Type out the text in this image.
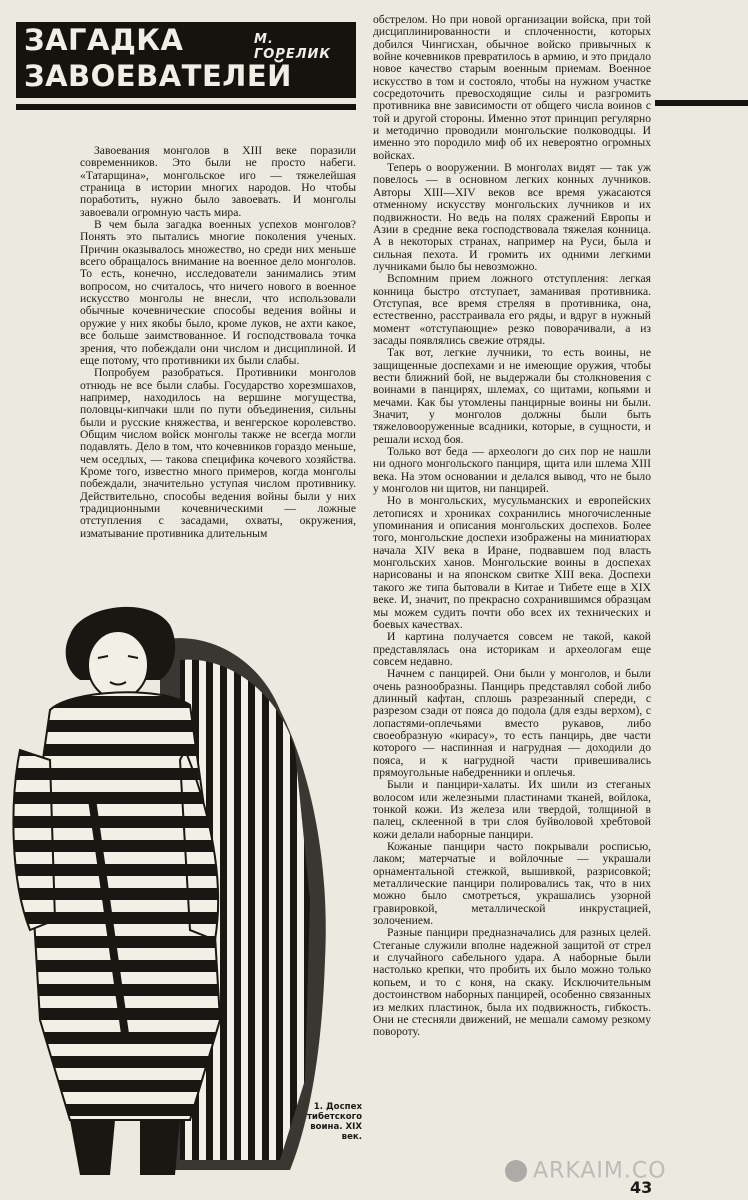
ЗАГАДКА
ЗАВОЕВАТЕЛЕЙ
М. ГОРЕЛИК

Завоевания монголов в XIII веке поразили современников. Это были не просто набеги. «Татарщина», монгольское иго — тяжелейшая страница в истории многих народов. Но чтобы поработить, нужно было завоевать. И монголы завоевали огромную часть мира.

В чем была загадка военных успехов монголов? Понять это пытались многие поколения ученых. Причин оказывалось множество, но среди них меньше всего обращалось внимание на военное дело монголов. То есть, конечно, исследователи занимались этим вопросом, но считалось, что ничего нового в военное искусство монголы не внесли, что использовали обычные кочевнические способы ведения войны и оружие у них якобы было, кроме луков, не ахти какое, все больше заимствованное. И господствовала точка зрения, что побеждали они числом и дисциплиной. И еще потому, что противники их были слабы.

Попробуем разобраться. Противники монголов отнюдь не все были слабы. Государство хорезмшахов, например, находилось на вершине могущества, половцы-кипчаки шли по пути объединения, сильны были и русские княжества, и венгерское королевство. Общим числом войск монголы также не всегда могли подавлять. Дело в том, что кочевников гораздо меньше, чем оседлых, — такова специфика кочевого хозяйства. Кроме того, известно много примеров, когда монголы побеждали, значительно уступая числом противнику. Действительно, способы ведения войны были у них традиционными кочевническими — ложные отступления с засадами, охваты, окружения, изматывание противника длительным

обстрелом. Но при новой организации войска, при той дисциплинированности и сплоченности, которых добился Чингисхан, обычное войско привычных к войне кочевников превратилось в армию, и это придало новое качество старым военным приемам. Военное искусство в том и состояло, чтобы на нужном участке сосредоточить превосходящие силы и разгромить противника вне зависимости от общего числа воинов с той и другой стороны. Именно этот принцип регулярно и методично проводили монгольские полководцы. И именно это породило миф об их невероятно огромных войсках.

Теперь о вооружении. В монголах видят — так уж повелось — в основном легких конных лучников. Авторы XIII—XIV веков все время ужасаются отменному искусству монгольских лучников и их подвижности. Но ведь на полях сражений Европы и Азии в средние века господствовала тяжелая конница. А в некоторых странах, например на Руси, была и сильная пехота. И громить их одними легкими лучниками было бы невозможно.

Вспомним прием ложного отступления: легкая конница быстро отступает, заманивая противника. Отступая, все время стреляя в противника, она, естественно, расстраивала его ряды, и вдруг в нужный момент «отступающие» резко поворачивали, а из засады появлялись свежие отряды.

Так вот, легкие лучники, то есть воины, не защищенные доспехами и не имеющие оружия, чтобы вести ближний бой, не выдержали бы столкновения с воинами в панцирях, шлемах, со щитами, копьями и мечами. Как бы утомлены панцирные воины ни были. Значит, у монголов должны были быть тяжеловооруженные всадники, которые, в сущности, и решали исход боя.

Только вот беда — археологи до сих пор не нашли ни одного монгольского панциря, щита или шлема XIII века. На этом основании и делался вывод, что не было у монголов ни щитов, ни панцирей.

Но в монгольских, мусульманских и европейских летописях и хрониках сохранились многочисленные упоминания и описания монгольских доспехов. Более того, монгольские доспехи изображены на миниатюрах начала XIV века в Иране, подвавшем под власть монгольских ханов. Монгольские воины в доспехах нарисованы и на японском свитке XIII века. Доспехи такого же типа бытовали в Китае и Тибете еще в XIX веке. И, значит, по прекрасно сохранившимся образцам мы можем судить почти обо всех их технических и боевых качествах.

И картина получается совсем не такой, какой представлялась она историкам и археологам еще совсем недавно.

Начнем с панцирей. Они были у монголов, и были очень разнообразны. Панцирь представлял собой либо длинный кафтан, сплошь разрезанный спереди, с разрезом сзади от пояса до подола (для езды верхом), с лопастями-оплечьями вместо рукавов, либо своеобразную «кирасу», то есть панцирь, две части которого — наспинная и нагрудная — доходили до пояса, и к нагрудной части привешивались прямоугольные набедренники и оплечья.

Были и панцири-халаты. Их шили из стеганых волосом или железными пластинами тканей, войлока, тонкой кожи. Из железа или твердой, толщиной в палец, склеенной в три слоя буйволовой хребтовой кожи делали наборные панцири.

Кожаные панцири часто покрывали росписью, лаком; матерчатые и войлочные — украшали орнаментальной стежкой, вышивкой, разрисовкой; металлические панцири полировались так, что в них можно было смотреться, украшались узорной гравировкой, металлической инкрустацией, золочением.

Разные панцири предназначались для разных целей. Стеганые служили вполне надежной защитой от стрел и случайного сабельного удара. А наборные были настолько крепки, что пробить их было можно только копьем, и то с коня, на скаку. Исключительным достоинством наборных панцирей, особенно связанных из мелких пластинок, была их подвижность, гибкость. Они не стесняли движений, не мешали самому резкому повороту.

1. Доспех тибетского воина. XIX век.
ARKAIM.CO
43
